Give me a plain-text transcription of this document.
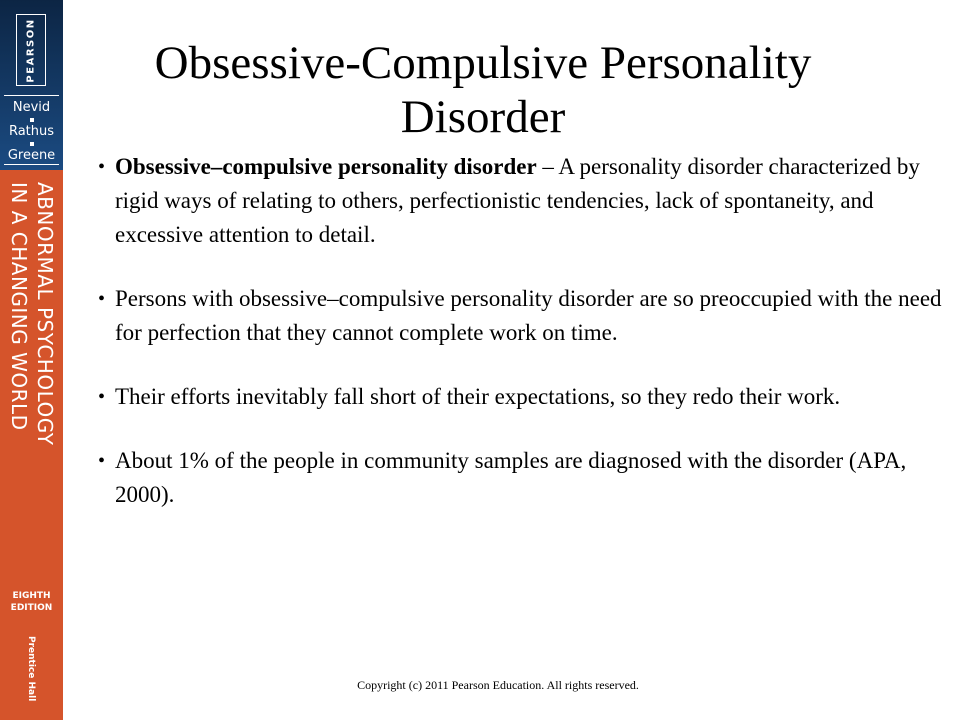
PEARSON
Nevid
Rathus
Greene
ABNORMAL PSYCHOLOGY
IN A CHANGING WORLD
EIGHTH
EDITION
Prentice Hall
Obsessive-Compulsive Personality
Disorder
• Obsessive–compulsive personality disorder – A personality disorder characterized by rigid ways of relating to others, perfectionistic tendencies, lack of spontaneity, and excessive attention to detail.
• Persons with obsessive–compulsive personality disorder are so preoccupied with the need for perfection that they cannot complete work on time.
• Their efforts inevitably fall short of their expectations, so they redo their work.
• About 1% of the people in community samples are diagnosed with the disorder (APA, 2000).
Copyright (c) 2011 Pearson Education. All rights reserved.
